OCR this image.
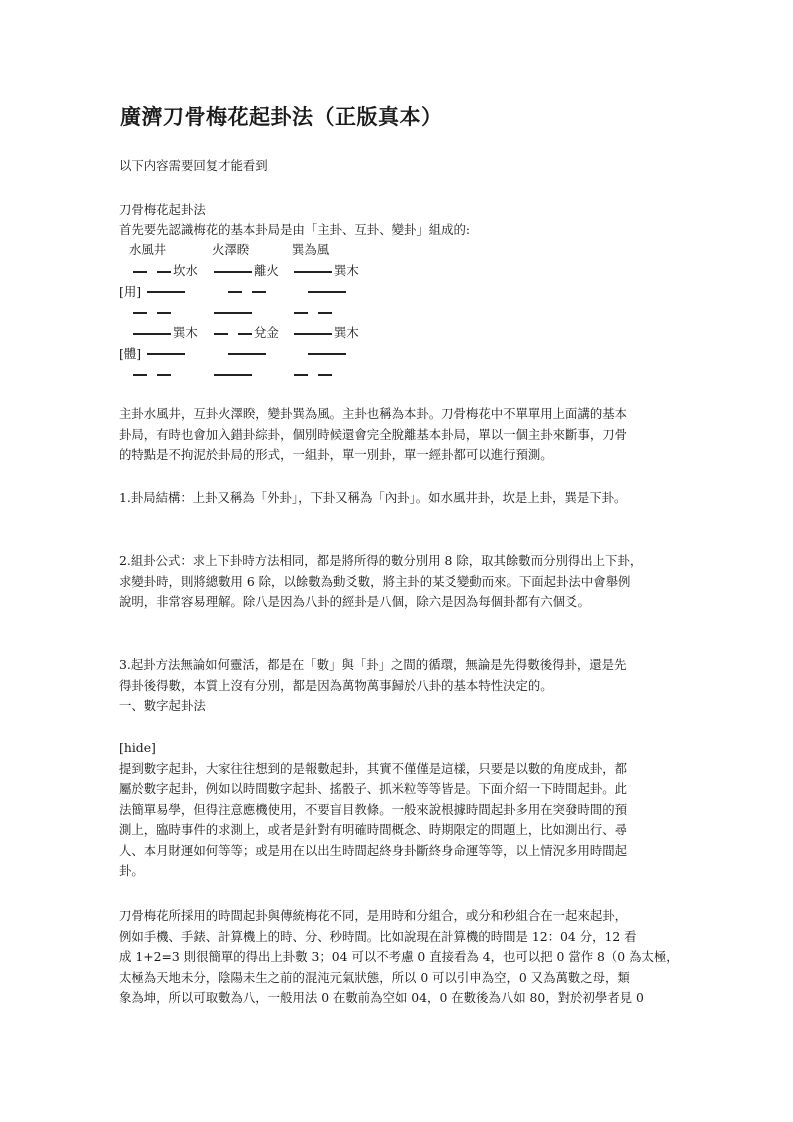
廣濟刀骨梅花起卦法（正版真本）
以下内容需要回复才能看到
刀骨梅花起卦法
首先要先認識梅花的基本卦局是由「主卦、互卦、變卦」組成的:
水風井	火澤睽	巽為風
坎水	離火	巽木
[用]
巽木	兌金	巽木
[體]
主卦水風井，互卦火澤睽，變卦巽為風。主卦也稱為本卦。刀骨梅花中不單單用上面講的基本
卦局，有時也會加入錯卦綜卦，個別時候還會完全脫離基本卦局，單以一個主卦來斷事，刀骨
的特點是不拘泥於卦局的形式，一組卦，單一別卦，單一經卦都可以進行預測。
1.卦局結構：上卦又稱為「外卦」，下卦又稱為「內卦」。如水風井卦，坎是上卦，巽是下卦。
2.組卦公式：求上下卦時方法相同，都是將所得的數分別用 8 除，取其餘數而分別得出上下卦，
求變卦時，則將總數用 6 除，以餘數為動爻數，將主卦的某爻變動而來。下面起卦法中會舉例
說明，非常容易理解。除八是因為八卦的經卦是八個，除六是因為每個卦都有六個爻。
3.起卦方法無論如何靈活，都是在「數」與「卦」之間的循環，無論是先得數後得卦，還是先
得卦後得數，本質上沒有分別，都是因為萬物萬事歸於八卦的基本特性決定的。
一、數字起卦法
[hide]
提到數字起卦，大家往往想到的是報數起卦，其實不僅僅是這樣，只要是以數的角度成卦，都
屬於數字起卦，例如以時間數字起卦、搖骰子、抓米粒等等皆是。下面介紹一下時間起卦。此
法簡單易學，但得注意應機使用，不要盲目教條。一般來說根據時間起卦多用在突發時間的預
測上，臨時事件的求測上，或者是針對有明確時間概念、時期限定的問題上，比如測出行、尋
人、本月財運如何等等；或是用在以出生時間起終身卦斷終身命運等等，以上情況多用時間起
卦。
刀骨梅花所採用的時間起卦與傳統梅花不同，是用時和分組合，或分和秒組合在一起來起卦，
例如手機、手錶、計算機上的時、分、秒時間。比如說現在計算機的時間是 12：04 分，12 看
成 1+2=3 則很簡單的得出上卦數 3；04 可以不考慮 0 直接看為 4，也可以把 0 當作 8（0 為太極，
太極為天地未分，陰陽未生之前的混沌元氣狀態，所以 0 可以引申為空，0 又為萬數之母，類
象為坤，所以可取數為八，一般用法 0 在數前為空如 04，0 在數後為八如 80，對於初學者見 0
